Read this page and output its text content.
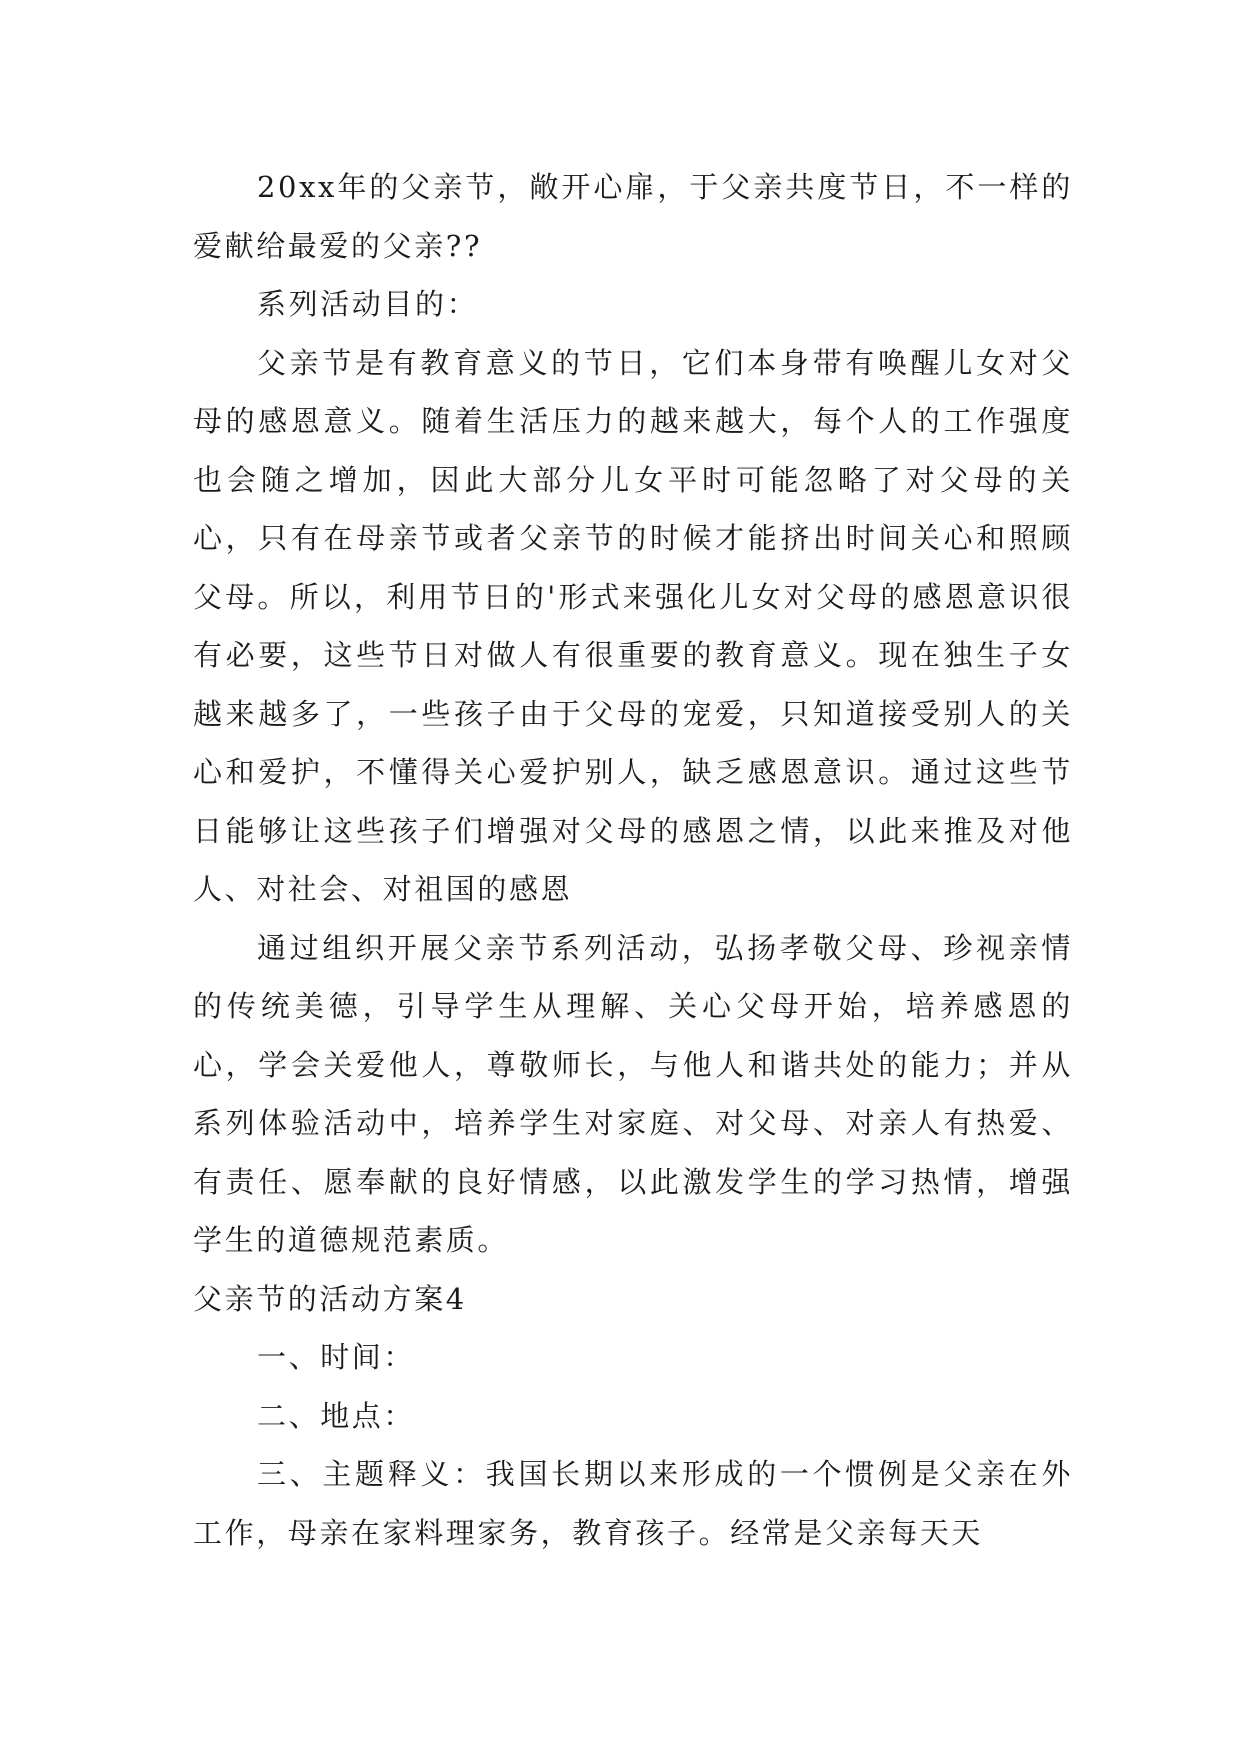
20xx年的父亲节，敞开心扉，于父亲共度节日，不一样的爱献给最爱的父亲??

系列活动目的：

父亲节是有教育意义的节日，它们本身带有唤醒儿女对父母的感恩意义。随着生活压力的越来越大，每个人的工作强度也会随之增加，因此大部分儿女平时可能忽略了对父母的关心，只有在母亲节或者父亲节的时候才能挤出时间关心和照顾父母。所以，利用节日的'形式来强化儿女对父母的感恩意识很有必要，这些节日对做人有很重要的教育意义。现在独生子女越来越多了，一些孩子由于父母的宠爱，只知道接受别人的关心和爱护，不懂得关心爱护别人，缺乏感恩意识。通过这些节日能够让这些孩子们增强对父母的感恩之情，以此来推及对他人、对社会、对祖国的感恩

通过组织开展父亲节系列活动，弘扬孝敬父母、珍视亲情的传统美德，引导学生从理解、关心父母开始，培养感恩的心，学会关爱他人，尊敬师长，与他人和谐共处的能力；并从系列体验活动中，培养学生对家庭、对父母、对亲人有热爱、有责任、愿奉献的良好情感，以此激发学生的学习热情，增强学生的道德规范素质。

父亲节的活动方案4

一、时间：

二、地点：

三、主题释义：我国长期以来形成的一个惯例是父亲在外工作，母亲在家料理家务，教育孩子。经常是父亲每天天
